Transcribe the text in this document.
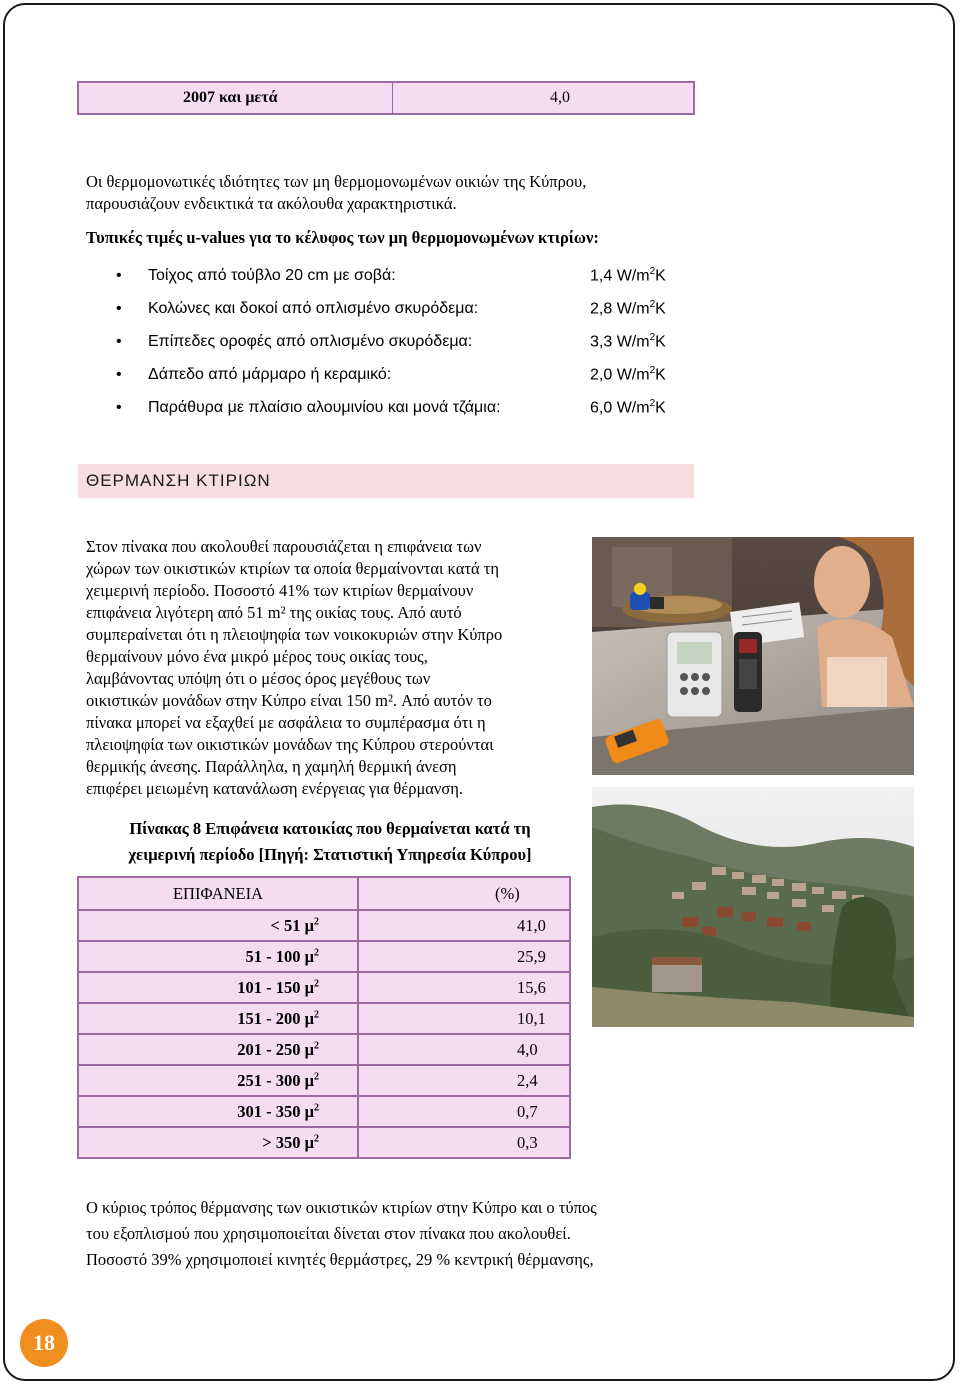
2007 και μετά	4,0

Οι θερμομονωτικές ιδιότητες των μη θερμομονωμένων οικιών της Κύπρου,

παρουσιάζουν ενδεικτικά τα ακόλουθα χαρακτηριστικά.

Τυπικές τιμές u-values για το κέλυφος των μη θερμομονωμένων κτιρίων:
•	Τοίχος από τούβλο 20 cm με σοβά:	1,4 $W/m^2K$
•	Κολώνες και δοκοί από οπλισμένο σκυρόδεμα:	2,8 $W/m^2K$
•	Επίπεδες οροφές από οπλισμένο σκυρόδεμα:	3,3 $W/m^2K$
•	Δάπεδο από μάρμαρο ή κεραμικό:	2,0 $W/m^2K$
•	Παράθυρα με πλαίσιο αλουμινίου και μονά τζάμια:	6,0 $W/m^2K$
ΘΕΡΜΑΝΣΗ ΚΤΙΡΙΩΝ

Στον πίνακα που ακολουθεί παρουσιάζεται η επιφάνεια των

χώρων των οικιστικών κτιρίων τα οποία θερμαίνονται κατά τη

χειμερινή περίοδο. Ποσοστό 41% των κτιρίων θερμαίνουν

επιφάνεια λιγότερη από 51 m² της οικίας τους. Από αυτό

συμπεραίνεται ότι η πλειοψηφία των νοικοκυριών στην Κύπρο

θερμαίνουν μόνο ένα μικρό μέρος τους οικίας τους,

λαμβάνοντας υπόψη ότι ο μέσος όρος μεγέθους των

οικιστικών μονάδων στην Κύπρο είναι 150 m². Από αυτόν το

πίνακα μπορεί να εξαχθεί με ασφάλεια το συμπέρασμα ότι η

πλειοψηφία των οικιστικών μονάδων της Κύπρου στερούνται

θερμικής άνεσης. Παράλληλα, η χαμηλή θερμική άνεση

επιφέρει μειωμένη κατανάλωση ενέργειας για θέρμανση.

Πίνακας 8 Επιφάνεια κατοικίας που θερμαίνεται κατά τη
χειμερινή περίοδο [Πηγή: Στατιστική Υπηρεσία Κύπρου]
ΕΠΙΦΑΝΕΙΑ	(%)
< 51 $\mu^2$	41,0
51 - 100 $\mu^2$	25,9
101 - 150 $\mu^2$	15,6
151 - 200 $\mu^2$	10,1
201 - 250 $\mu^2$	4,0
251 - 300 $\mu^2$	2,4
301 - 350 $\mu^2$	0,7
> 350 $\mu^2$	0,3

Ο κύριος τρόπος θέρμανσης των οικιστικών κτιρίων στην Κύπρο και ο τύπος

του εξοπλισμού που χρησιμοποιείται δίνεται στον πίνακα που ακολουθεί.

Ποσοστό 39% χρησιμοποιεί κινητές θερμάστρες, 29 % κεντρική θέρμανσης,

18
